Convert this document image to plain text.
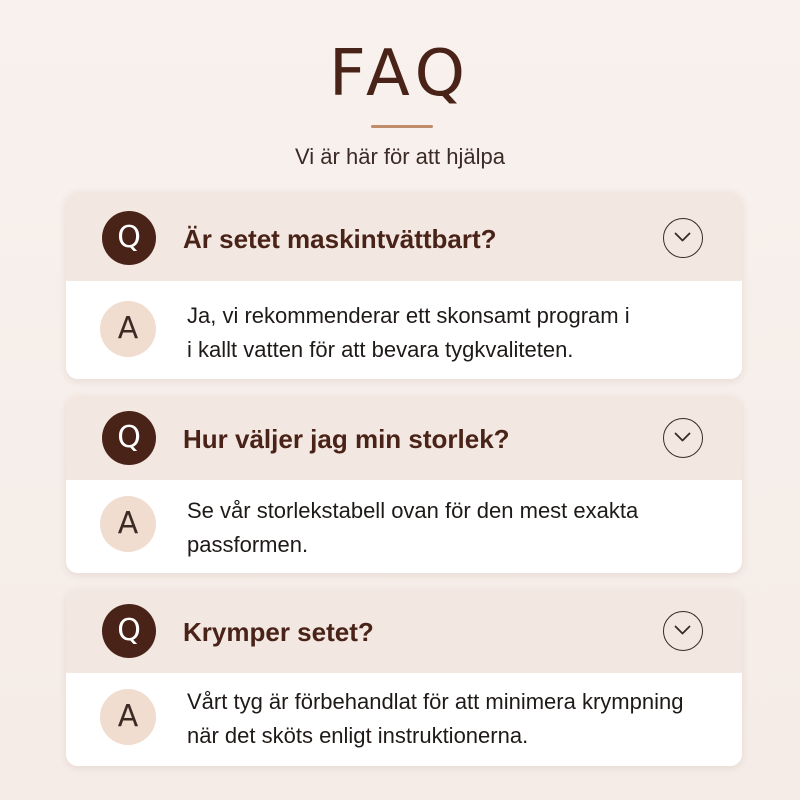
FAQ
Vi är här för att hjälpa
Q	Är setet maskintvättbart?
A	Ja, vi rekommenderar ett skonsamt program i
i kallt vatten för att bevara tygkvaliteten.
Q	Hur väljer jag min storlek?
A	Se vår storlekstabell ovan för den mest exakta
passformen.
Q	Krymper setet?
A	Vårt tyg är förbehandlat för att minimera krympning
när det sköts enligt instruktionerna.
